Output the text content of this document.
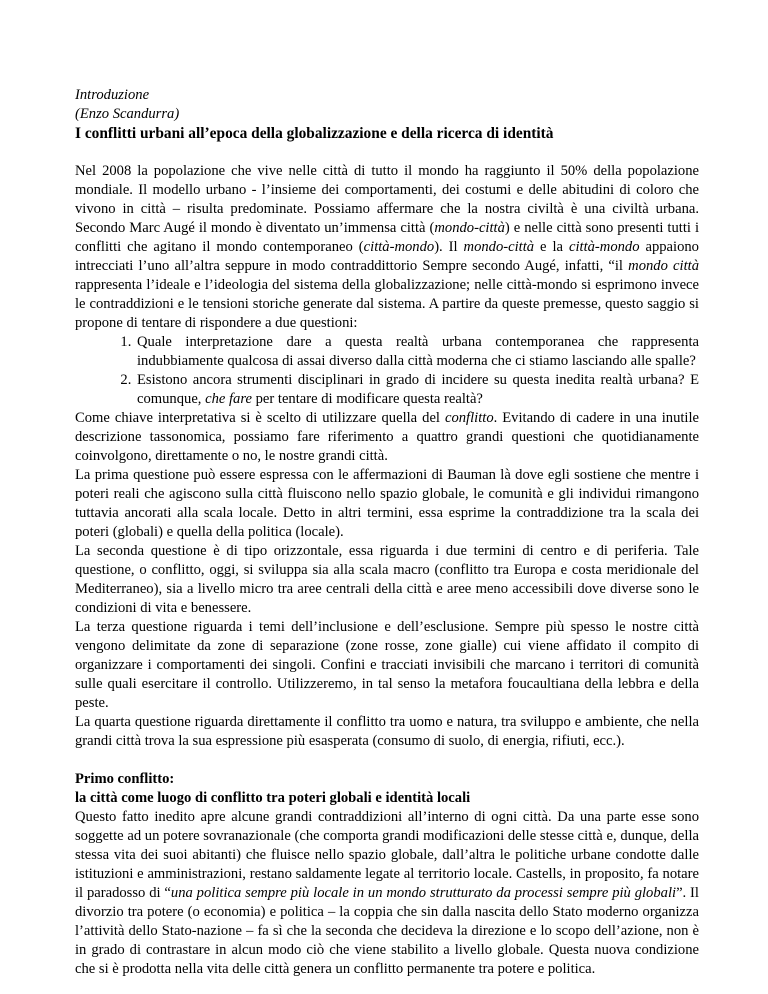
Introduzione
(Enzo Scandurra)
I conflitti urbani all’epoca della globalizzazione e della ricerca di identità

Nel 2008 la popolazione che vive nelle città di tutto il mondo ha raggiunto il 50% della popolazione mondiale. Il modello urbano - l’insieme dei comportamenti, dei costumi e delle abitudini di coloro che vivono in città – risulta predominate. Possiamo affermare che la nostra civiltà è una civiltà urbana. Secondo Marc Augé il mondo è diventato un’immensa città (mondo-città) e nelle città sono presenti tutti i conflitti che agitano il mondo contemporaneo (città-mondo). Il mondo-città e la città-mondo appaiono intrecciati l’uno all’altra seppure in modo contraddittorio Sempre secondo Augé, infatti, “il mondo città rappresenta l’ideale e l’ideologia del sistema della globalizzazione; nelle città-mondo si esprimono invece le contraddizioni e le tensioni storiche generate dal sistema. A partire da queste premesse, questo saggio si propone di tentare di rispondere a due questioni:

1. Quale interpretazione dare a questa realtà urbana contemporanea che rappresenta indubbiamente qualcosa di assai diverso dalla città moderna che ci stiamo lasciando alle spalle?
2. Esistono ancora strumenti disciplinari in grado di incidere su questa inedita realtà urbana? E comunque, che fare per tentare di modificare questa realtà?

Come chiave interpretativa si è scelto di utilizzare quella del conflitto. Evitando di cadere in una inutile descrizione tassonomica, possiamo fare riferimento a quattro grandi questioni che quotidianamente coinvolgono, direttamente o no, le nostre grandi città.

La prima questione può essere espressa con le affermazioni di Bauman là dove egli sostiene che mentre i poteri reali che agiscono sulla città fluiscono nello spazio globale, le comunità e gli individui rimangono tuttavia ancorati alla scala locale. Detto in altri termini, essa esprime la contraddizione tra la scala dei poteri (globali) e quella della politica (locale).

La seconda questione è di tipo orizzontale, essa riguarda i due termini di centro e di periferia. Tale questione, o conflitto, oggi, si sviluppa sia alla scala macro (conflitto tra Europa e costa meridionale del Mediterraneo), sia a livello micro tra aree centrali della città e aree meno accessibili dove diverse sono le condizioni di vita e benessere.

La terza questione riguarda i temi dell’inclusione e dell’esclusione. Sempre più spesso le nostre città vengono delimitate da zone di separazione (zone rosse, zone gialle) cui viene affidato il compito di organizzare i comportamenti dei singoli. Confini e tracciati invisibili che marcano i territori di comunità sulle quali esercitare il controllo. Utilizzeremo, in tal senso la metafora foucaultiana della lebbra e della peste.

La quarta questione riguarda direttamente il conflitto tra uomo e natura, tra sviluppo e ambiente, che nella grandi città trova la sua espressione più esasperata (consumo di suolo, di energia, rifiuti, ecc.).

Primo conflitto:
la città come luogo di conflitto tra poteri globali e identità locali

Questo fatto inedito apre alcune grandi contraddizioni all’interno di ogni città. Da una parte esse sono soggette ad un potere sovranazionale (che comporta grandi modificazioni delle stesse città e, dunque, della stessa vita dei suoi abitanti) che fluisce nello spazio globale, dall’altra le politiche urbane condotte dalle istituzioni e amministrazioni, restano saldamente legate al territorio locale. Castells, in proposito, fa notare il paradosso di “una politica sempre più locale in un mondo strutturato da processi sempre più globali”. Il divorzio tra potere (o economia) e politica – la coppia che sin dalla nascita dello Stato moderno organizza l’attività dello Stato-nazione – fa sì che la seconda che decideva la direzione e lo scopo dell’azione, non è in grado di contrastare in alcun modo ciò che viene stabilito a livello globale. Questa nuova condizione che si è prodotta nella vita delle città genera un conflitto permanente tra potere e politica.
